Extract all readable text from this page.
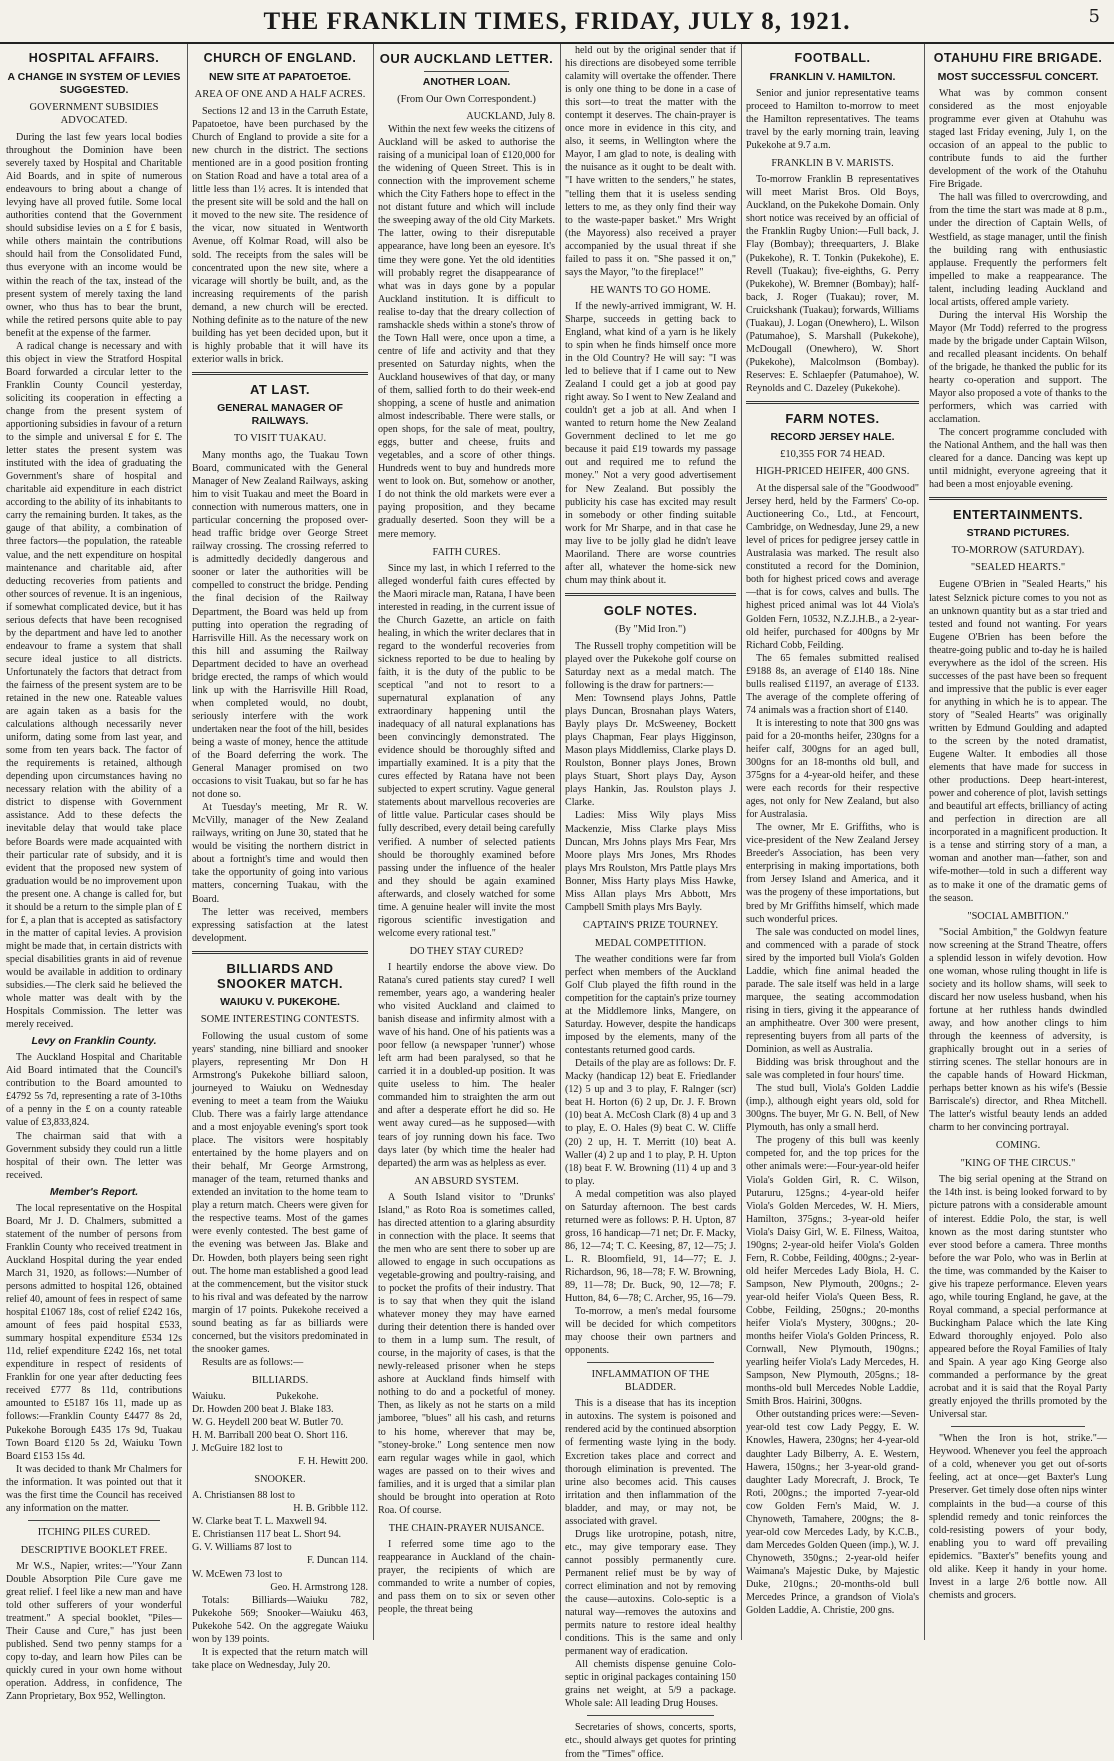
THE FRANKLIN TIMES, FRIDAY, JULY 8, 1921.	5
HOSPITAL AFFAIRS.
A CHANGE IN SYSTEM OF LEVIES SUGGESTED.
GOVERNMENT SUBSIDIES ADVOCATED.

During the last few years local bodies throughout the Dominion have been severely taxed by Hospital and Charitable Aid Boards, and in spite of numerous endeavours to bring about a change of levying have all proved futile. Some local authorities contend that the Government should subsidise levies on a £ for £ basis, while others maintain the contributions should hail from the Consolidated Fund, thus everyone with an income would be within the reach of the tax, instead of the present system of merely taxing the land owner, who thus has to bear the brunt, while the retired persons quite able to pay benefit at the expense of the farmer.

A radical change is necessary and with this object in view the Stratford Hospital Board forwarded a circular letter to the Franklin County Council yesterday, soliciting its cooperation in effecting a change from the present system of apportioning subsidies in favour of a return to the simple and universal £ for £. The letter states the present system was instituted with the idea of graduating the Government's share of hospital and charitable aid expenditure in each district according to the ability of its inhabitants to carry the remaining burden. It takes, as the gauge of that ability, a combination of three factors—the population, the rateable value, and the nett expenditure on hospital maintenance and charitable aid, after deducting recoveries from patients and other sources of revenue. It is an ingenious, if somewhat complicated device, but it has serious defects that have been recognised by the department and have led to another endeavour to frame a system that shall secure ideal justice to all districts. Unfortunately the factors that detract from the fairness of the present system are to be retained in the new one. Rateable values are again taken as a basis for the calculations although necessarily never uniform, dating some from last year, and some from ten years back. The factor of the requirements is retained, although depending upon circumstances having no necessary relation with the ability of a district to dispense with Government assistance. Add to these defects the inevitable delay that would take place before Boards were made acquainted with their particular rate of subsidy, and it is evident that the proposed new system of graduation would be no improvement upon the present one. A change is called for, but it should be a return to the simple plan of £ for £, a plan that is accepted as satisfactory in the matter of capital levies. A provision might be made that, in certain districts with special disabilities grants in aid of revenue would be available in addition to ordinary subsidies.—The clerk said he believed the whole matter was dealt with by the Hospitals Commission. The letter was merely received.

Levy on Franklin County.

The Auckland Hospital and Charitable Aid Board intimated that the Council's contribution to the Board amounted to £4792 5s 7d, representing a rate of 3-10ths of a penny in the £ on a county rateable value of £3,833,824.

The chairman said that with a Government subsidy they could run a little hospital of their own. The letter was received.

Member's Report.

The local representative on the Hospital Board, Mr J. D. Chalmers, submitted a statement of the number of persons from Franklin County who received treatment in Auckland Hospital during the year ended March 31, 1920, as follows:—Number of persons admitted to hospital 126, obtained relief 40, amount of fees in respect of same hospital £1067 18s, cost of relief £242 16s, amount of fees paid hospital £533, summary hospital expenditure £534 12s 11d, relief expenditure £242 16s, net total expenditure in respect of residents of Franklin for one year after deducting fees received £777 8s 11d, contributions amounted to £5187 16s 11, made up as follows:—Franklin County £4477 8s 2d, Pukekohe Borough £435 17s 9d, Tuakau Town Board £120 5s 2d, Waiuku Town Board £153 15s 4d.

It was decided to thank Mr Chalmers for the information. It was pointed out that it was the first time the Council has received any information on the matter.

ITCHING PILES CURED.
DESCRIPTIVE BOOKLET FREE.

Mr W.S., Napier, writes:—"Your Zann Double Absorption Pile Cure gave me great relief. I feel like a new man and have told other sufferers of your wonderful treatment." A special booklet, "Piles—Their Cause and Cure," has just been published. Send two penny stamps for a copy to-day, and learn how Piles can be quickly cured in your own home without operation. Address, in confidence, The Zann Proprietary, Box 952, Wellington.

CHURCH OF ENGLAND.
NEW SITE AT PAPATOETOE.
AREA OF ONE AND A HALF ACRES.

Sections 12 and 13 in the Carruth Estate, Papatoetoe, have been purchased by the Church of England to provide a site for a new church in the district. The sections mentioned are in a good position fronting on Station Road and have a total area of a little less than 1½ acres. It is intended that the present site will be sold and the hall on it moved to the new site. The residence of the vicar, now situated in Wentworth Avenue, off Kolmar Road, will also be sold. The receipts from the sales will be concentrated upon the new site, where a vicarage will shortly be built, and, as the increasing requirements of the parish demand, a new church will be erected. Nothing definite as to the nature of the new building has yet been decided upon, but it is highly probable that it will have its exterior walls in brick.

AT LAST.
GENERAL MANAGER OF RAILWAYS.
TO VISIT TUAKAU.

Many months ago, the Tuakau Town Board, communicated with the General Manager of New Zealand Railways, asking him to visit Tuakau and meet the Board in connection with numerous matters, one in particular concerning the proposed over-head traffic bridge over George Street railway crossing. The crossing referred to is admittedly decidedly dangerous and sooner or later the authorities will be compelled to construct the bridge. Pending the final decision of the Railway Department, the Board was held up from putting into operation the regrading of Harrisville Hill. As the necessary work on this hill and assuming the Railway Department decided to have an overhead bridge erected, the ramps of which would link up with the Harrisville Hill Road, when completed would, no doubt, seriously interfere with the work undertaken near the foot of the hill, besides being a waste of money, hence the attitude of the Board deferring the work. The General Manager promised on two occasions to visit Tuakau, but so far he has not done so.

At Tuesday's meeting, Mr R. W. McVilly, manager of the New Zealand railways, writing on June 30, stated that he would be visiting the northern district in about a fortnight's time and would then take the opportunity of going into various matters, concerning Tuakau, with the Board.

The letter was received, members expressing satisfaction at the latest development.

BILLIARDS AND SNOOKER MATCH.
WAIUKU V. PUKEKOHE.
SOME INTERESTING CONTESTS.

Following the usual custom of some years' standing, nine billiard and snooker players, representing Mr Don H Armstrong's Pukekohe billiard saloon, journeyed to Waiuku on Wednesday evening to meet a team from the Waiuku Club. There was a fairly large attendance and a most enjoyable evening's sport took place. The visitors were hospitably entertained by the home players and on their behalf, Mr George Armstrong, manager of the team, returned thanks and extended an invitation to the home team to play a return match. Cheers were given for the respective teams. Most of the games were evenly contested. The best game of the evening was between Jas. Blake and Dr. Howden, both players being seen right out. The home man established a good lead at the commencement, but the visitor stuck to his rival and was defeated by the narrow margin of 17 points. Pukekohe received a sound beating as far as billiards were concerned, but the visitors predominated in the snooker games.

Results are as follows:—

BILLIARDS.
Waiuku.                    Pukekohe.
Dr. Howden 200 beat J. Blake 183.
W. G. Heydell 200 beat W. Butler 70.
H. M. Barriball 200 beat O. Short 116.
J. McGuire 182 lost to
F. H. Hewitt 200.
SNOOKER.
A. Christiansen 88 lost to
H. B. Gribble 112.
W. Clarke beat T. L. Maxwell 94.
E. Christiansen 117 beat L. Short 94.
G. V. Williams 87 lost to
F. Duncan 114.
W. McEwen 73 lost to
Geo. H. Armstrong 128.

Totals: Billiards—Waiuku 782, Pukekohe 569; Snooker—Waiuku 463, Pukekohe 542. On the aggregate Waiuku won by 139 points.

It is expected that the return match will take place on Wednesday, July 20.

OUR AUCKLAND LETTER.
ANOTHER LOAN.
(From Our Own Correspondent.)
AUCKLAND, July 8.

Within the next few weeks the citizens of Auckland will be asked to authorise the raising of a municipal loan of £120,000 for the widening of Queen Street. This is in connection with the improvement scheme which the City Fathers hope to effect in the not distant future and which will include the sweeping away of the old City Markets. The latter, owing to their disreputable appearance, have long been an eyesore. It's time they were gone. Yet the old identities will probably regret the disappearance of what was in days gone by a popular Auckland institution. It is difficult to realise to-day that the dreary collection of ramshackle sheds within a stone's throw of the Town Hall were, once upon a time, a centre of life and activity and that they presented on Saturday nights, when the Auckland housewives of that day, or many of them, sallied forth to do their week-end shopping, a scene of hustle and animation almost indescribable. There were stalls, or open shops, for the sale of meat, poultry, eggs, butter and cheese, fruits and vegetables, and a score of other things. Hundreds went to buy and hundreds more went to look on. But, somehow or another, I do not think the old markets were ever a paying proposition, and they became gradually deserted. Soon they will be a mere memory.

FAITH CURES.

Since my last, in which I referred to the alleged wonderful faith cures effected by the Maori miracle man, Ratana, I have been interested in reading, in the current issue of the Church Gazette, an article on faith healing, in which the writer declares that in regard to the wonderful recoveries from sickness reported to be due to healing by faith, it is the duty of the public to be sceptical "and not to resort to a supernatural explanation of any extraordinary happening until the inadequacy of all natural explanations has been convincingly demonstrated. The evidence should be thoroughly sifted and impartially examined. It is a pity that the cures effected by Ratana have not been subjected to expert scrutiny. Vague general statements about marvellous recoveries are of little value. Particular cases should be fully described, every detail being carefully verified. A number of selected patients should be thoroughly examined before passing under the influence of the healer and they should be again examined afterwards, and closely watched for some time. A genuine healer will invite the most rigorous scientific investigation and welcome every rational test."

DO THEY STAY CURED?

I heartily endorse the above view. Do Ratana's cured patients stay cured? I well remember, years ago, a wandering healer who visited Auckland and claimed to banish disease and infirmity almost with a wave of his hand. One of his patients was a poor fellow (a newspaper 'runner') whose left arm had been paralysed, so that he carried it in a doubled-up position. It was quite useless to him. The healer commanded him to straighten the arm out and after a desperate effort he did so. He went away cured—as he supposed—with tears of joy running down his face. Two days later (by which time the healer had departed) the arm was as helpless as ever.

AN ABSURD SYSTEM.

A South Island visitor to "Drunks' Island," as Roto Roa is sometimes called, has directed attention to a glaring absurdity in connection with the place. It seems that the men who are sent there to sober up are allowed to engage in such occupations as vegetable-growing and poultry-raising, and to pocket the profits of their industry. That is to say that when they quit the island whatever money they may have earned during their detention there is handed over to them in a lump sum. The result, of course, in the majority of cases, is that the newly-released prisoner when he steps ashore at Auckland finds himself with nothing to do and a pocketful of money. Then, as likely as not he starts on a mild jamboree, "blues" all his cash, and returns to his home, wherever that may be, "stoney-broke." Long sentence men now earn regular wages while in gaol, which wages are passed on to their wives and families, and it is urged that a similar plan should be brought into operation at Roto Roa. Of course.

THE CHAIN-PRAYER NUISANCE.

I referred some time ago to the reappearance in Auckland of the chain-prayer, the recipients of which are commanded to write a number of copies, and pass them on to six or seven other people, the threat being

held out by the original sender that if his directions are disobeyed some terrible calamity will overtake the offender. There is only one thing to be done in a case of this sort—to treat the matter with the contempt it deserves. The chain-prayer is once more in evidence in this city, and also, it seems, in Wellington where the Mayor, I am glad to note, is dealing with the nuisance as it ought to be dealt with. "I have written to the senders," he states, "telling them that it is useless sending letters to me, as they only find their way to the waste-paper basket." Mrs Wright (the Mayoress) also received a prayer accompanied by the usual threat if she failed to pass it on. "She passed it on," says the Mayor, "to the fireplace!"

HE WANTS TO GO HOME.

If the newly-arrived immigrant, W. H. Sharpe, succeeds in getting back to England, what kind of a yarn is he likely to spin when he finds himself once more in the Old Country? He will say: "I was led to believe that if I came out to New Zealand I could get a job at good pay right away. So I went to New Zealand and couldn't get a job at all. And when I wanted to return home the New Zealand Government declined to let me go because it paid £19 towards my passage out and required me to refund the money." Not a very good advertisement for New Zealand. But possibly the publicity his case has excited may result in somebody or other finding suitable work for Mr Sharpe, and in that case he may live to be jolly glad he didn't leave Maoriland. There are worse countries after all, whatever the home-sick new chum may think about it.

GOLF NOTES.
(By "Mid Iron.")

The Russell trophy competition will be played over the Pukekohe golf course on Saturday next as a medal match. The following is the draw for partners:—

Men: Townsend plays Johns, Pattle plays Duncan, Brosnahan plays Waters, Bayly plays Dr. McSweeney, Bockett plays Chapman, Fear plays Higginson, Mason plays Middlemiss, Clarke plays D. Roulston, Bonner plays Jones, Brown plays Stuart, Short plays Day, Ayson plays Hankin, Jas. Roulston plays J. Clarke.

Ladies: Miss Wily plays Miss Mackenzie, Miss Clarke plays Miss Duncan, Mrs Johns plays Mrs Fear, Mrs Moore plays Mrs Jones, Mrs Rhodes plays Mrs Roulston, Mrs Pattle plays Mrs Bonner, Miss Harty plays Miss Hawke, Miss Allan plays Mrs Abbott, Mrs Campbell Smith plays Mrs Bayly.

CAPTAIN'S PRIZE TOURNEY.
MEDAL COMPETITION.

The weather conditions were far from perfect when members of the Auckland Golf Club played the fifth round in the competition for the captain's prize tourney at the Middlemore links, Mangere, on Saturday. However, despite the handicaps imposed by the elements, many of the contestants returned good cards.

Details of the play are as follows: Dr. F. Macky (handicap 12) beat E. Friedlander (12) 5 up and 3 to play, F. Ralnger (scr) beat H. Horton (6) 2 up, Dr. J. F. Brown (10) beat A. McCosh Clark (8) 4 up and 3 to play, E. O. Hales (9) beat C. W. Cliffe (20) 2 up, H. T. Merritt (10) beat A. Waller (4) 2 up and 1 to play, P. H. Upton (18) beat F. W. Browning (11) 4 up and 3 to play.

A medal competition was also played on Saturday afternoon. The best cards returned were as follows: P. H. Upton, 87 gross, 16 handicap—71 net; Dr. F. Macky, 86, 12—74; T. C. Keesing, 87, 12—75; J. L. R. Bloomfield, 91, 14—77; E. J. Richardson, 96, 18—78; F. W. Browning, 89, 11—78; Dr. Buck, 90, 12—78; F. Hutton, 84, 6—78; C. Archer, 95, 16—79.

To-morrow, a men's medal foursome will be decided for which competitors may choose their own partners and opponents.

INFLAMMATION OF THE BLADDER.

This is a disease that has its inception in autoxins. The system is poisoned and rendered acid by the continued absorption of fermenting waste lying in the body. Excretion takes place and correct and thorough elimination is prevented. The urine also becomes acid. This causes irritation and then inflammation of the bladder, and may, or may not, be associated with gravel.

Drugs like urotropine, potash, nitre, etc., may give temporary ease. They cannot possibly permanently cure. Permanent relief must be by way of correct elimination and not by removing the cause—autoxins. Colo-septic is a natural way—removes the autoxins and permits nature to restore ideal healthy conditions. This is the same and only permanent way of eradication.

All chemists dispense genuine Colo-septic in original packages containing 150 grains net weight, at 5/9 a package. Whole sale: All leading Drug Houses.

Secretaries of shows, concerts, sports, etc., should always get quotes for printing from the "Times" office.

FOOTBALL.
FRANKLIN V. HAMILTON.

Senior and junior representative teams proceed to Hamilton to-morrow to meet the Hamilton representatives. The teams travel by the early morning train, leaving Pukekohe at 9.7 a.m.

FRANKLIN B V. MARISTS.

To-morrow Franklin B representatives will meet Marist Bros. Old Boys, Auckland, on the Pukekohe Domain. Only short notice was received by an official of the Franklin Rugby Union:—Full back, J. Flay (Bombay); threequarters, J. Blake (Pukekohe), R. T. Tonkin (Pukekohe), E. Revell (Tuakau); five-eighths, G. Perry (Pukekohe), W. Bremner (Bombay); half-back, J. Roger (Tuakau); rover, M. Cruickshank (Tuakau); forwards, Williams (Tuakau), J. Logan (Onewhero), L. Wilson (Patumahoe), S. Marshall (Pukekohe), McDougall (Onewhero), W. Short (Pukekohe), Malcolmson (Bombay). Reserves: E. Schlaepfer (Patumahoe), W. Reynolds and C. Dazeley (Pukekohe).

FARM NOTES.
RECORD JERSEY HALE.
£10,355 FOR 74 HEAD.
HIGH-PRICED HEIFER, 400 GNS.

At the dispersal sale of the "Goodwood" Jersey herd, held by the Farmers' Co-op. Auctioneering Co., Ltd., at Fencourt, Cambridge, on Wednesday, June 29, a new level of prices for pedigree jersey cattle in Australasia was marked. The result also constituted a record for the Dominion, both for highest priced cows and average—that is for cows, calves and bulls. The highest priced animal was lot 44 Viola's Golden Fern, 10532, N.Z.J.H.B., a 2-year-old heifer, purchased for 400gns by Mr Richard Cobb, Feilding.

The 65 females submitted realised £9188 8s, an average of £140 18s. Nine bulls realised £1197, an average of £133. The average of the complete offering of 74 animals was a fraction short of £140.

It is interesting to note that 300 gns was paid for a 20-months heifer, 230gns for a heifer calf, 300gns for an aged bull, 300gns for an 18-months old bull, and 375gns for a 4-year-old heifer, and these were each records for their respective ages, not only for New Zealand, but also for Australasia.

The owner, Mr E. Griffiths, who is vice-president of the New Zealand Jersey Breeder's Association, has been very enterprising in making importations, both from Jersey Island and America, and it was the progeny of these importations, but bred by Mr Griffiths himself, which made such wonderful prices.

The sale was conducted on model lines, and commenced with a parade of stock sired by the imported bull Viola's Golden Laddie, which fine animal headed the parade. The sale itself was held in a large marquee, the seating accommodation rising in tiers, giving it the appearance of an amphitheatre. Over 300 were present, representing buyers from all parts of the Dominion, as well as Australia.

Bidding was brisk throughout and the sale was completed in four hours' time.

The stud bull, Viola's Golden Laddie (imp.), although eight years old, sold for 300gns. The buyer, Mr G. N. Bell, of New Plymouth, has only a small herd.

The progeny of this bull was keenly competed for, and the top prices for the other animals were:—Four-year-old heifer Viola's Golden Girl, R. C. Wilson, Putaruru, 125gns.; 4-year-old heifer Viola's Golden Mercedes, W. H. Miers, Hamilton, 375gns.; 3-year-old heifer Viola's Daisy Girl, W. E. Filness, Waitoa, 190gns; 2-year-old heifer Viola's Golden Fern, R. Cobbe, Feilding, 400gns.; 2-year-old heifer Mercedes Lady Biola, H. C. Sampson, New Plymouth, 200gns.; 2-year-old heifer Viola's Queen Bess, R. Cobbe, Feilding, 250gns.; 20-months heifer Viola's Mystery, 300gns.; 20-months heifer Viola's Golden Princess, R. Cornwall, New Plymouth, 190gns.; yearling heifer Viola's Lady Mercedes, H. Sampson, New Plymouth, 205gns.; 18-months-old bull Mercedes Noble Laddie, Smith Bros. Hairini, 300gns.

Other outstanding prices were:—Seven-year-old test cow Lady Peggy, E. W. Knowles, Hawera, 230gns; her 4-year-old daughter Lady Bilberry, A. E. Western, Hawera, 150gns.; her 3-year-old grand-daughter Lady Morecraft, J. Brock, Te Roti, 200gns.; the imported 7-year-old cow Golden Fern's Maid, W. J. Chynoweth, Tamahere, 200gns; the 8-year-old cow Mercedes Lady, by K.C.B., dam Mercedes Golden Queen (imp.), W. J. Chynoweth, 350gns.; 2-year-old heifer Waimana's Majestic Duke, by Majestic Duke, 210gns.; 20-months-old bull Mercedes Prince, a grandson of Viola's Golden Laddie, A. Christie, 200 gns.

OTAHUHU FIRE BRIGADE.
MOST SUCCESSFUL CONCERT.

What was by common consent considered as the most enjoyable programme ever given at Otahuhu was staged last Friday evening, July 1, on the occasion of an appeal to the public to contribute funds to aid the further development of the work of the Otahuhu Fire Brigade.

The hall was filled to overcrowding, and from the time the start was made at 8 p.m., under the direction of Captain Wells, of Westfield, as stage manager, until the finish the building rang with enthusiastic applause. Frequently the performers felt impelled to make a reappearance. The talent, including leading Auckland and local artists, offered ample variety.

During the interval His Worship the Mayor (Mr Todd) referred to the progress made by the brigade under Captain Wilson, and recalled pleasant incidents. On behalf of the brigade, he thanked the public for its hearty co-operation and support. The Mayor also proposed a vote of thanks to the performers, which was carried with acclamation.

The concert programme concluded with the National Anthem, and the hall was then cleared for a dance. Dancing was kept up until midnight, everyone agreeing that it had been a most enjoyable evening.

ENTERTAINMENTS.
STRAND PICTURES.
TO-MORROW (SATURDAY).
"SEALED HEARTS."

Eugene O'Brien in "Sealed Hearts," his latest Selznick picture comes to you not as an unknown quantity but as a star tried and tested and found not wanting. For years Eugene O'Brien has been before the theatre-going public and to-day he is hailed everywhere as the idol of the screen. His successes of the past have been so frequent and impressive that the public is ever eager for anything in which he is to appear. The story of "Sealed Hearts" was originally written by Edmund Goulding and adapted to the screen by the noted dramatist, Eugene Walter. It embodies all those elements that have made for success in other productions. Deep heart-interest, power and coherence of plot, lavish settings and beautiful art effects, brilliancy of acting and perfection in direction are all incorporated in a magnificent production. It is a tense and stirring story of a man, a woman and another man—father, son and wife-mother—told in such a different way as to make it one of the dramatic gems of the season.

"SOCIAL AMBITION."

"Social Ambition," the Goldwyn feature now screening at the Strand Theatre, offers a splendid lesson in wifely devotion. How one woman, whose ruling thought in life is society and its hollow shams, will seek to discard her now useless husband, when his fortune at her ruthless hands dwindled away, and how another clings to him through the keenness of adversity, is graphically brought out in a series of stirring scenes. The stellar honours are in the capable hands of Howard Hickman, perhaps better known as his wife's (Bessie Barriscale's) director, and Rhea Mitchell. The latter's wistful beauty lends an added charm to her convincing portrayal.

COMING.
"KING OF THE CIRCUS."

The big serial opening at the Strand on the 14th inst. is being looked forward to by picture patrons with a considerable amount of interest. Eddie Polo, the star, is well known as the most daring stuntster who ever stood before a camera. Three months before the war Polo, who was in Berlin at the time, was commanded by the Kaiser to give his trapeze performance. Eleven years ago, while touring England, he gave, at the Royal command, a special performance at Buckingham Palace which the late King Edward thoroughly enjoyed. Polo also appeared before the Royal Families of Italy and Spain. A year ago King George also commanded a performance by the great acrobat and it is said that the Royal Party greatly enjoyed the thrills promoted by the Universal star.

"When the Iron is hot, strike."—Heywood. Whenever you feel the approach of a cold, whenever you get out of-sorts feeling, act at once—get Baxter's Lung Preserver. Get timely dose often nips winter complaints in the bud—a course of this splendid remedy and tonic reinforces the cold-resisting powers of your body, enabling you to ward off prevailing epidemics. "Baxter's" benefits young and old alike. Keep it handy in your home. Invest in a large 2/6 bottle now. All chemists and grocers.
